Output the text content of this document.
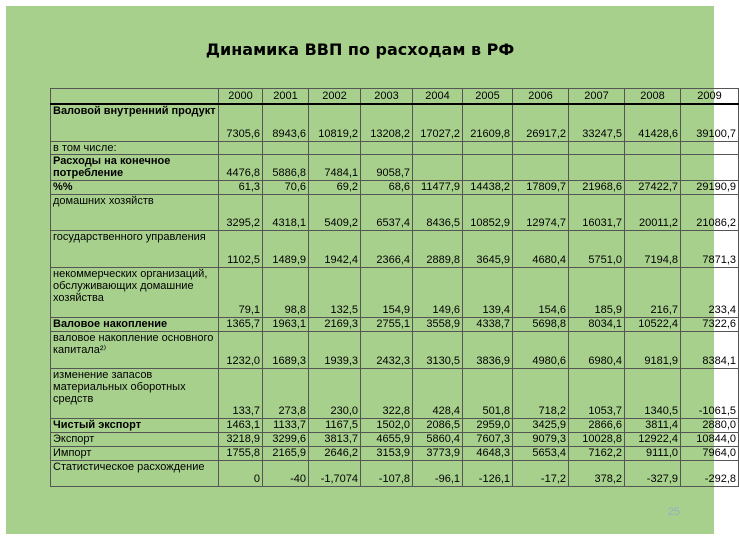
Динамика ВВП по расходам в РФ
	2000	2001	2002	2003	2004	2005	2006	2007	2008	2009
Валовой внутренний продукт	7305,6	8943,6	10819,2	13208,2	17027,2	21609,8	26917,2	33247,5	41428,6	39100,7
в том числе:										
Расходы на конечное потребление	4476,8	5886,8	7484,1	9058,7						
%%	61,3	70,6	69,2	68,6	11477,9	14438,2	17809,7	21968,6	27422,7	29190,9
домашних хозяйств	3295,2	4318,1	5409,2	6537,4	8436,5	10852,9	12974,7	16031,7	20011,2	21086,2
государственного управления	1102,5	1489,9	1942,4	2366,4	2889,8	3645,9	4680,4	5751,0	7194,8	7871,3
некоммерческих организаций, обслуживающих домашние хозяйства	79,1	98,8	132,5	154,9	149,6	139,4	154,6	185,9	216,7	233,4
Валовое накопление	1365,7	1963,1	2169,3	2755,1	3558,9	4338,7	5698,8	8034,1	10522,4	7322,6
валовое накопление основного капитала²⁾	1232,0	1689,3	1939,3	2432,3	3130,5	3836,9	4980,6	6980,4	9181,9	8384,1
изменение запасов материальных оборотных средств	133,7	273,8	230,0	322,8	428,4	501,8	718,2	1053,7	1340,5	-1061,5
Чистый экспорт	1463,1	1133,7	1167,5	1502,0	2086,5	2959,0	3425,9	2866,6	3811,4	2880,0
Экспорт	3218,9	3299,6	3813,7	4655,9	5860,4	7607,3	9079,3	10028,8	12922,4	10844,0
Импорт	1755,8	2165,9	2646,2	3153,9	3773,9	4648,3	5653,4	7162,2	9111,0	7964,0
Статистическое расхождение	0	-40	-1,7074	-107,8	-96,1	-126,1	-17,2	378,2	-327,9	-292,8
25
